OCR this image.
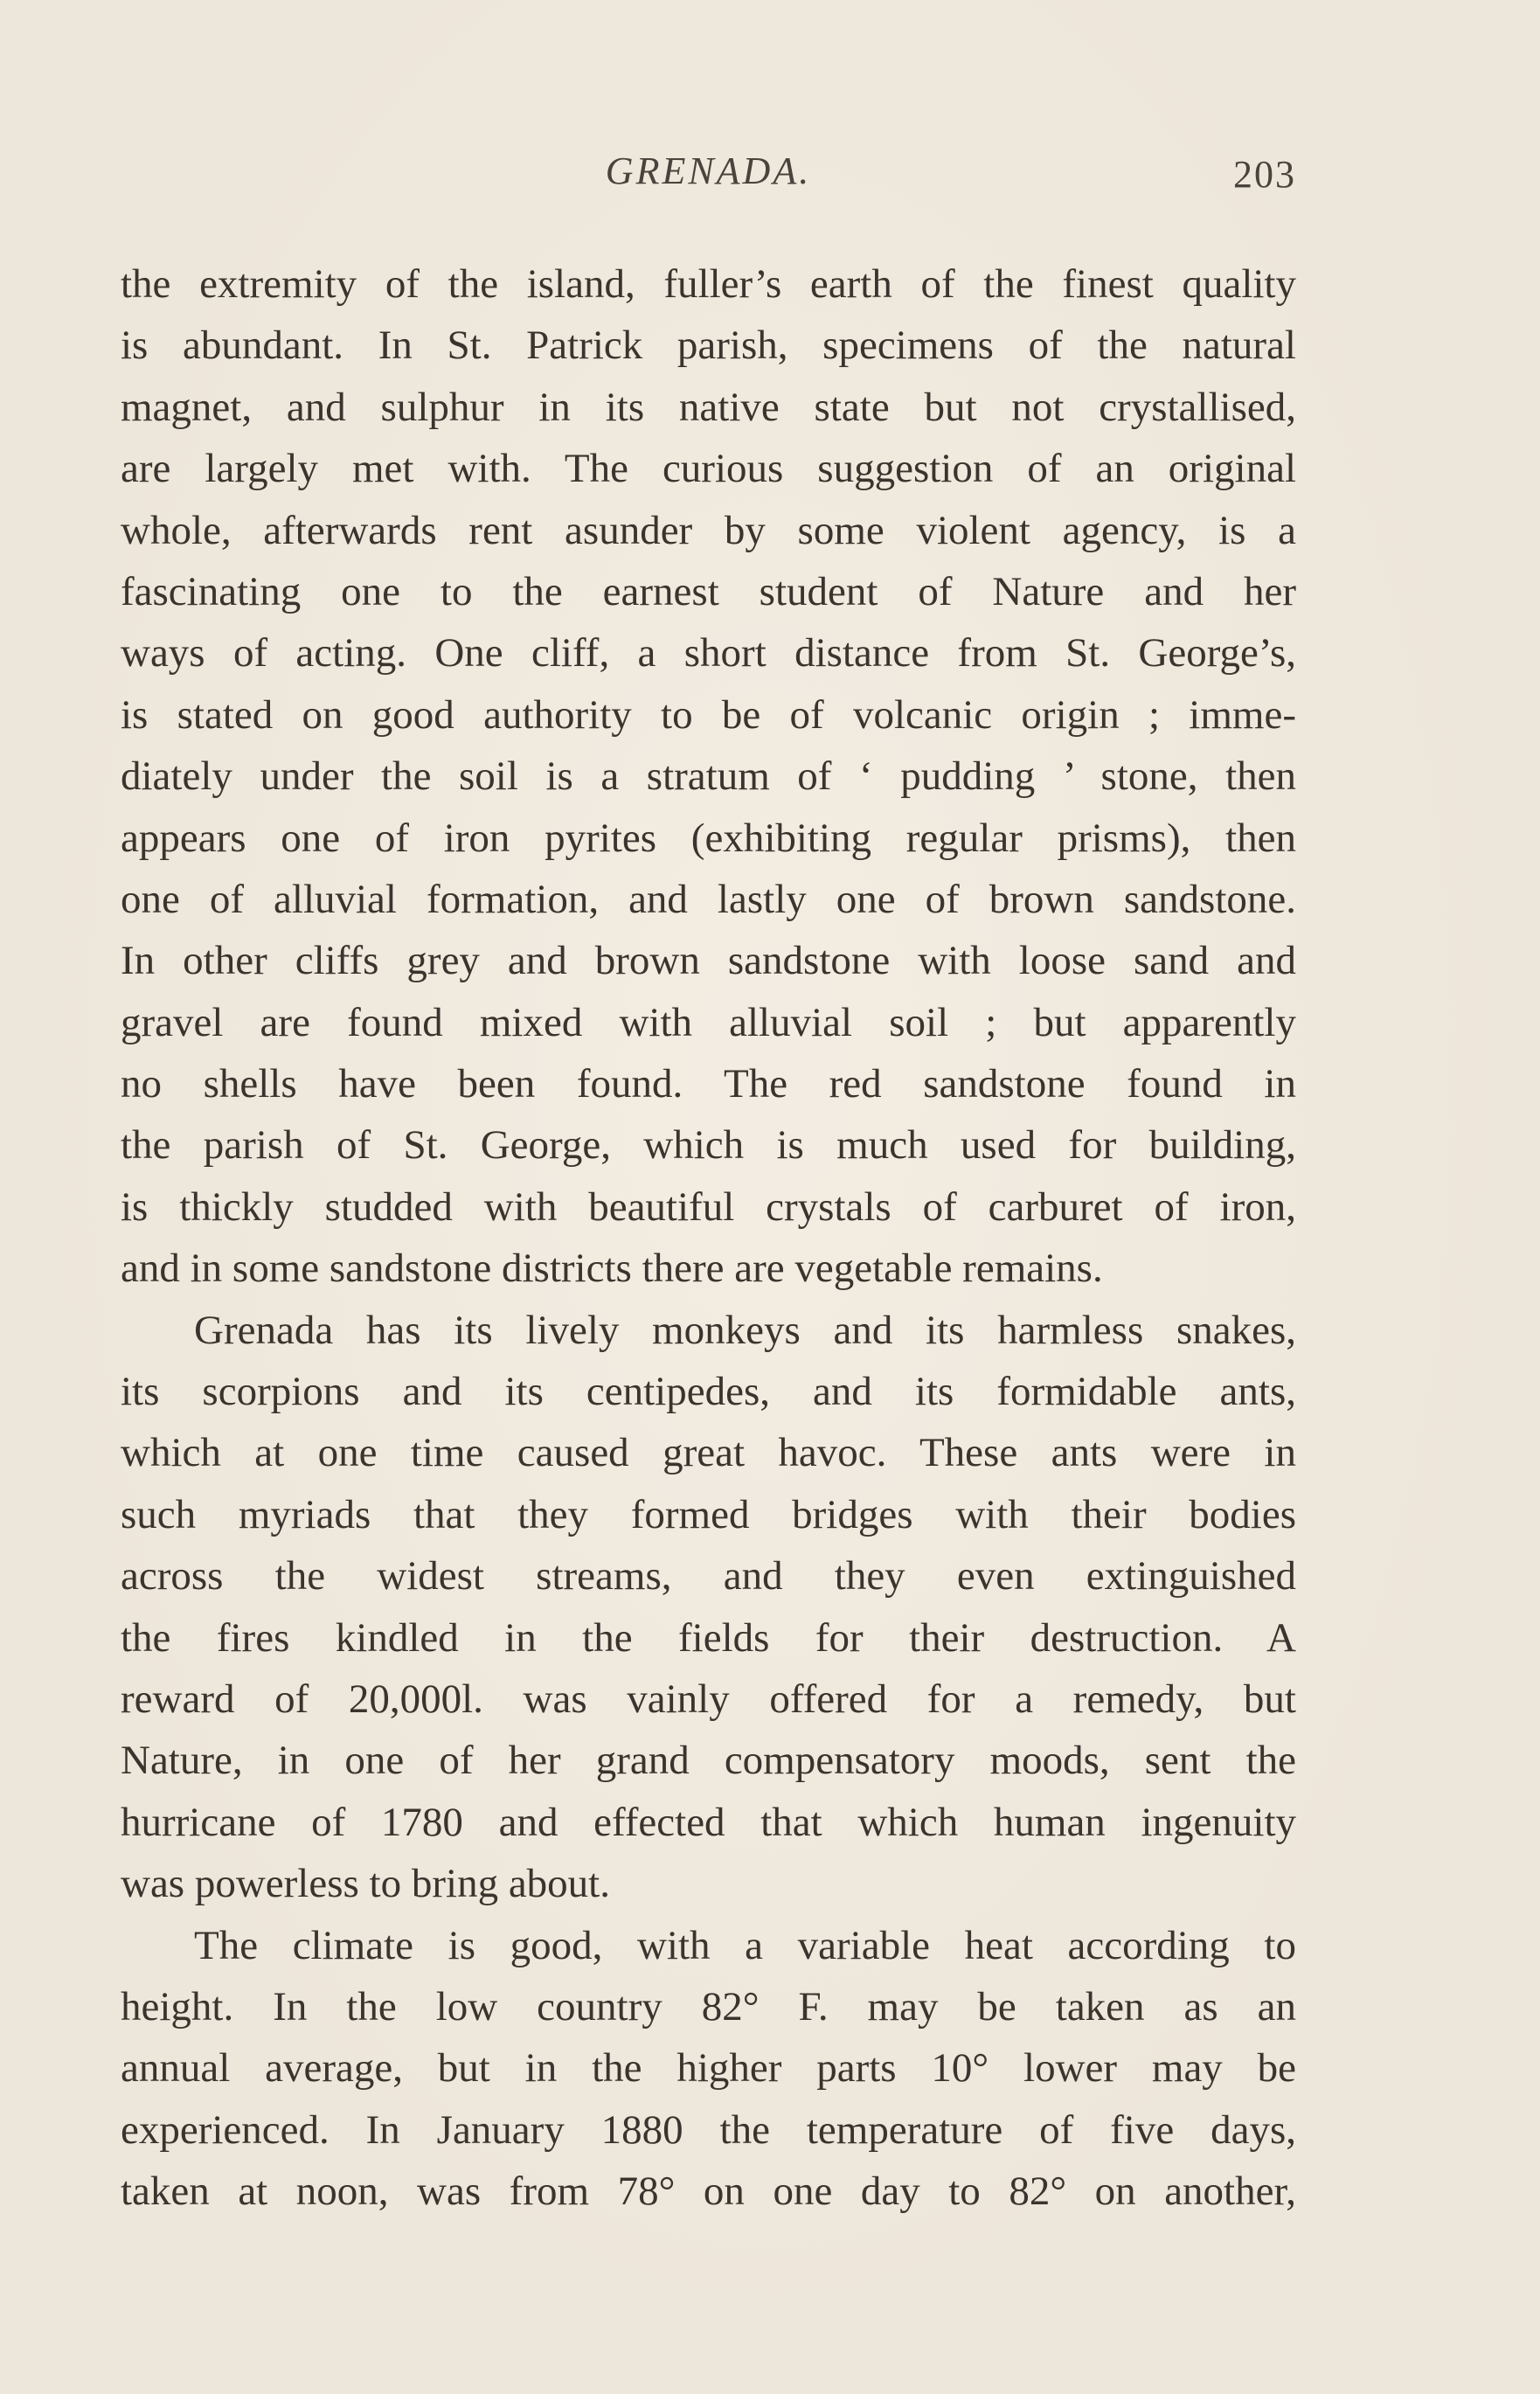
GRENADA.	203
the extremity of the island, fuller’s earth of the finest quality
is abundant. In St. Patrick parish, specimens of the natural
magnet, and sulphur in its native state but not crystallised,
are largely met with. The curious suggestion of an original
whole, afterwards rent asunder by some violent agency, is a
fascinating one to the earnest student of Nature and her
ways of acting. One cliff, a short distance from St. George’s,
is stated on good authority to be of volcanic origin ; imme-
diately under the soil is a stratum of ‘ pudding ’ stone, then
appears one of iron pyrites (exhibiting regular prisms), then
one of alluvial formation, and lastly one of brown sandstone.
In other cliffs grey and brown sandstone with loose sand and
gravel are found mixed with alluvial soil ; but apparently
no shells have been found. The red sandstone found in
the parish of St. George, which is much used for building,
is thickly studded with beautiful crystals of carburet of iron,
and in some sandstone districts there are vegetable remains.
Grenada has its lively monkeys and its harmless snakes,
its scorpions and its centipedes, and its formidable ants,
which at one time caused great havoc. These ants were in
such myriads that they formed bridges with their bodies
across the widest streams, and they even extinguished
the fires kindled in the fields for their destruction. A
reward of 20,000l. was vainly offered for a remedy, but
Nature, in one of her grand compensatory moods, sent the
hurricane of 1780 and effected that which human ingenuity
was powerless to bring about.
The climate is good, with a variable heat according to
height. In the low country 82° F. may be taken as an
annual average, but in the higher parts 10° lower may be
experienced. In January 1880 the temperature of five days,
taken at noon, was from 78° on one day to 82° on another,
